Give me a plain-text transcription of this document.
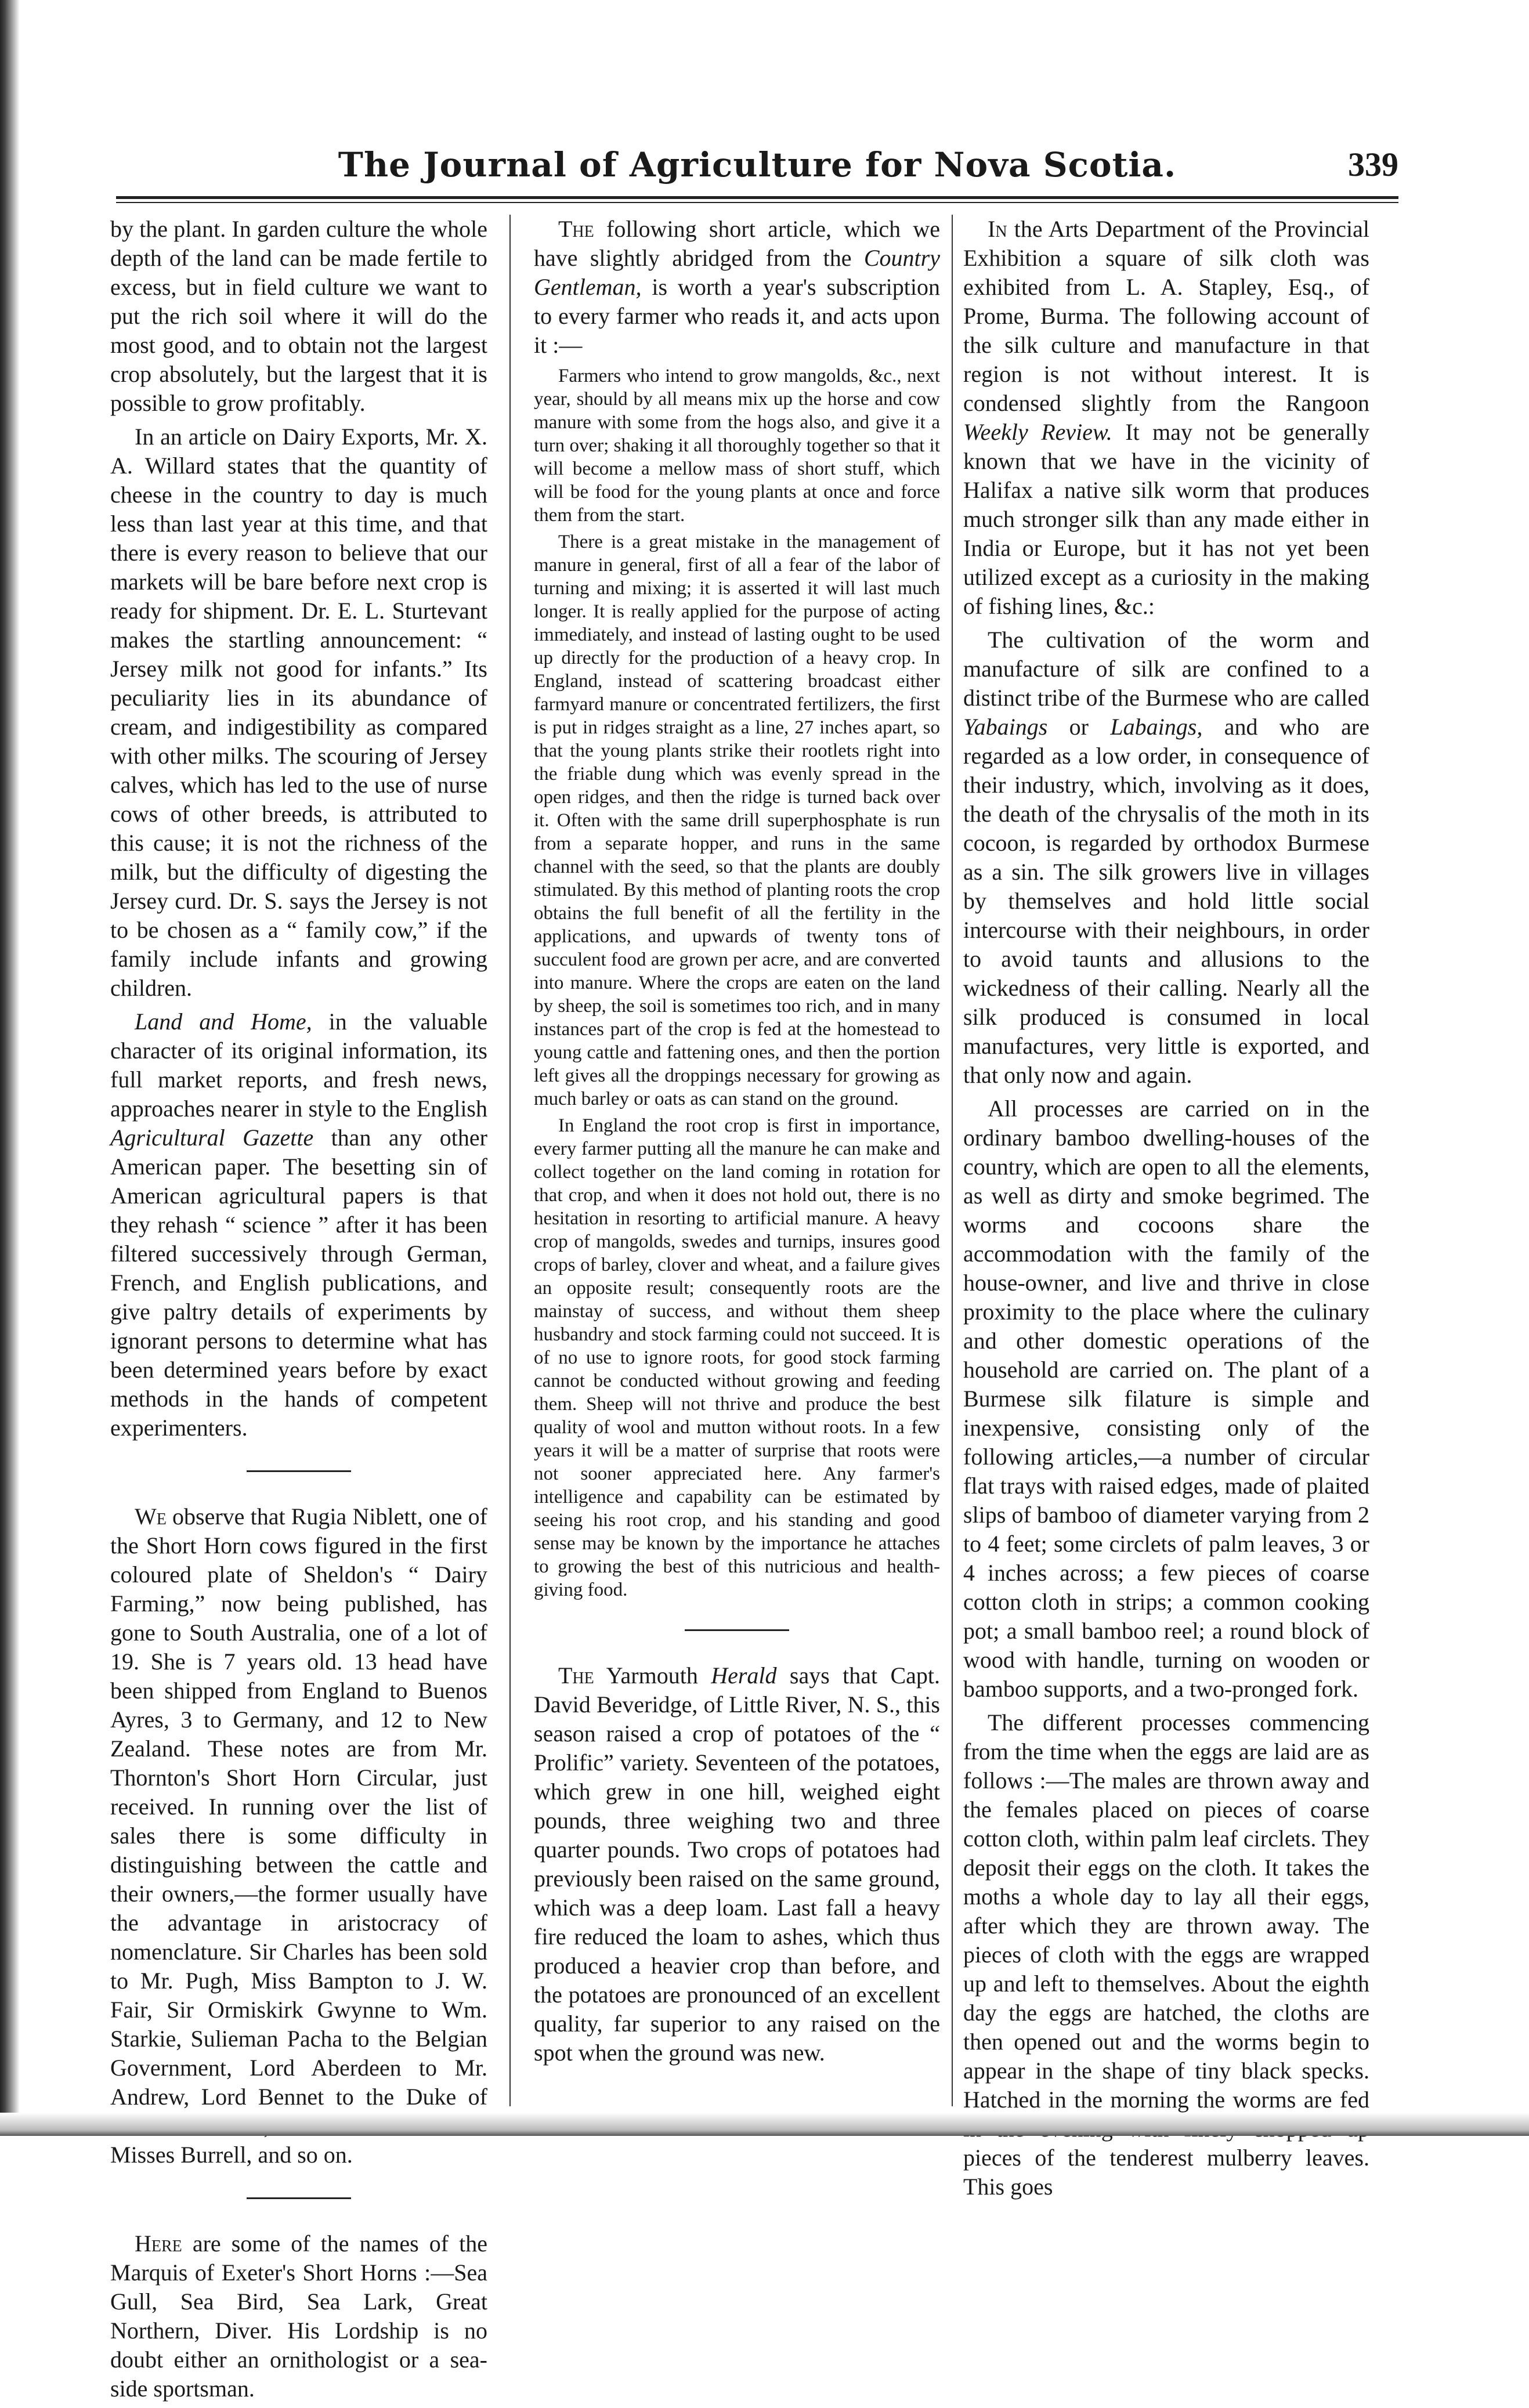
The Journal of Agriculture for Nova Scotia.	339

by the plant. In garden culture the whole depth of the land can be made fertile to excess, but in field culture we want to put the rich soil where it will do the most good, and to obtain not the largest crop absolutely, but the largest that it is possible to grow profitably.

In an article on Dairy Exports, Mr. X. A. Willard states that the quantity of cheese in the country to day is much less than last year at this time, and that there is every reason to believe that our markets will be bare before next crop is ready for shipment. Dr. E. L. Sturtevant makes the startling announcement: “ Jersey milk not good for infants.” Its peculiarity lies in its abundance of cream, and indigestibility as compared with other milks. The scouring of Jersey calves, which has led to the use of nurse cows of other breeds, is attributed to this cause; it is not the richness of the milk, but the difficulty of digesting the Jersey curd. Dr. S. says the Jersey is not to be chosen as a “ family cow,” if the family include infants and growing children.

Land and Home, in the valuable character of its original information, its full market reports, and fresh news, approaches nearer in style to the English Agricultural Gazette than any other American paper. The besetting sin of American agricultural papers is that they rehash “ science ” after it has been filtered successively through German, French, and English publications, and give paltry details of experiments by ignorant persons to determine what has been determined years before by exact methods in the hands of competent experimenters.

We observe that Rugia Niblett, one of the Short Horn cows figured in the first coloured plate of Sheldon's “ Dairy Farming,” now being published, has gone to South Australia, one of a lot of 19. She is 7 years old. 13 head have been shipped from England to Buenos Ayres, 3 to Germany, and 12 to New Zealand. These notes are from Mr. Thornton's Short Horn Circular, just received. In running over the list of sales there is some difficulty in distinguishing between the cattle and their owners,—the former usually have the advantage in aristocracy of nomenclature. Sir Charles has been sold to Mr. Pugh, Miss Bampton to J. W. Fair, Sir Ormiskirk Gwynne to Wm. Starkie, Sulieman Pacha to the Belgian Government, Lord Aberdeen to Mr. Andrew, Lord Bennet to the Duke of Misses Burrell, and so on.

Here are some of the names of the Marquis of Exeter's Short Horns :—Sea Gull, Sea Bird, Sea Lark, Great Northern, Diver. His Lordship is no doubt either an ornithologist or a sea-side sportsman.

The following short article, which we have slightly abridged from the Country Gentleman, is worth a year's subscription to every farmer who reads it, and acts upon it :—

Farmers who intend to grow mangolds, &c., next year, should by all means mix up the horse and cow manure with some from the hogs also, and give it a turn over; shaking it all thoroughly together so that it will become a mellow mass of short stuff, which will be food for the young plants at once and force them from the start.

There is a great mistake in the management of manure in general, first of all a fear of the labor of turning and mixing; it is asserted it will last much longer. It is really applied for the purpose of acting immediately, and instead of lasting ought to be used up directly for the production of a heavy crop. In England, instead of scattering broadcast either farmyard manure or concentrated fertilizers, the first is put in ridges straight as a line, 27 inches apart, so that the young plants strike their rootlets right into the friable dung which was evenly spread in the open ridges, and then the ridge is turned back over it. Often with the same drill superphosphate is run from a separate hopper, and runs in the same channel with the seed, so that the plants are doubly stimulated. By this method of planting roots the crop obtains the full benefit of all the fertility in the applications, and upwards of twenty tons of succulent food are grown per acre, and are converted into manure. Where the crops are eaten on the land by sheep, the soil is sometimes too rich, and in many instances part of the crop is fed at the homestead to young cattle and fattening ones, and then the portion left gives all the droppings necessary for growing as much barley or oats as can stand on the ground.

In England the root crop is first in importance, every farmer putting all the manure he can make and collect together on the land coming in rotation for that crop, and when it does not hold out, there is no hesitation in resorting to artificial manure. A heavy crop of mangolds, swedes and turnips, insures good crops of barley, clover and wheat, and a failure gives an opposite result; consequently roots are the mainstay of success, and without them sheep husbandry and stock farming could not succeed. It is of no use to ignore roots, for good stock farming cannot be conducted without growing and feeding them. Sheep will not thrive and produce the best quality of wool and mutton without roots. In a few years it will be a matter of surprise that roots were not sooner appreciated here. Any farmer's intelligence and capability can be estimated by seeing his root crop, and his standing and good sense may be known by the importance he attaches to growing the best of this nutricious and health-giving food.

The Yarmouth Herald says that Capt. David Beveridge, of Little River, N. S., this season raised a crop of potatoes of the “ Prolific” variety. Seventeen of the potatoes, which grew in one hill, weighed eight pounds, three weighing two and three quarter pounds. Two crops of potatoes had previously been raised on the same ground, which was a deep loam. Last fall a heavy fire reduced the loam to ashes, which thus produced a heavier crop than before, and the potatoes are pronounced of an excellent quality, far superior to any raised on the spot when the ground was new.

In the Arts Department of the Provincial Exhibition a square of silk cloth was exhibited from L. A. Stapley, Esq., of Prome, Burma. The following account of the silk culture and manufacture in that region is not without interest. It is condensed slightly from the Rangoon Weekly Review. It may not be generally known that we have in the vicinity of Halifax a native silk worm that produces much stronger silk than any made either in India or Europe, but it has not yet been utilized except as a curiosity in the making of fishing lines, &c.:

The cultivation of the worm and manufacture of silk are confined to a distinct tribe of the Burmese who are called Yabaings or Labaings, and who are regarded as a low order, in consequence of their industry, which, involving as it does, the death of the chrysalis of the moth in its cocoon, is regarded by orthodox Burmese as a sin. The silk growers live in villages by themselves and hold little social intercourse with their neighbours, in order to avoid taunts and allusions to the wickedness of their calling. Nearly all the silk produced is consumed in local manufactures, very little is exported, and that only now and again.

All processes are carried on in the ordinary bamboo dwelling-houses of the country, which are open to all the elements, as well as dirty and smoke begrimed. The worms and cocoons share the accommodation with the family of the house-owner, and live and thrive in close proximity to the place where the culinary and other domestic operations of the household are carried on. The plant of a Burmese silk filature is simple and inexpensive, consisting only of the following articles,—a number of circular flat trays with raised edges, made of plaited slips of bamboo of diameter varying from 2 to 4 feet; some circlets of palm leaves, 3 or 4 inches across; a few pieces of coarse cotton cloth in strips; a common cooking pot; a small bamboo reel; a round block of wood with handle, turning on wooden or bamboo supports, and a two-pronged fork.

The different processes commencing from the time when the eggs are laid are as follows :—The males are thrown away and the females placed on pieces of coarse cotton cloth, within palm leaf circlets. They deposit their eggs on the cloth. It takes the moths a whole day to lay all their eggs, after which they are thrown away. The pieces of cloth with the eggs are wrapped up and left to themselves. About the eighth day the eggs are hatched, the cloths are then opened out and the worms begin to appear in the shape of tiny black specks. Hatched in the morning the worms are fed pieces of the tenderest mulberry leaves. This goes
